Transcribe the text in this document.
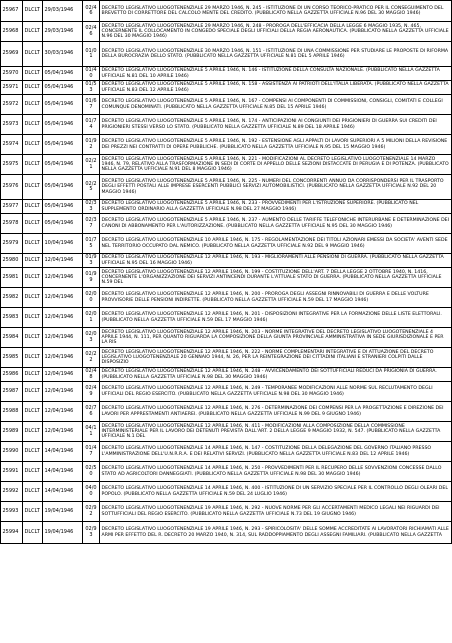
25967	DLCLT	29/03/1946	02/46	DECRETO LEGISLATIVO LUOGOTENENZIALE 29 MARZO 1946, N. 245 - ISTITUZIONE DI UN CORSO TEORICO-PRATICO PER IL CONSEGUIMENTO DEL BREVETTO DI CORRETTORE DEL CALCOLO MENTE DEL CREDITO. (PUBBLICATO NELLA GAZZETTA UFFICIALE N.96 DEL 30 MAGGIO 1946)
25968	DLCLT	29/03/1946	02/46	DECRETO LEGISLATIVO LUOGOTENENZIALE 29 MARZO 1946, N. 248 - PROROGA DELL'EFFICACIA DELLA LEGGE 6 MAGGIO 1935, N. 465, CONCERNENTE IL COLLOCAMENTO IN CONGEDO SPECIALE DEGLI UFFICIALI DELLA REGIA AERONAUTICA. (PUBBLICATO NELLA GAZZETTA UFFICIALE N.96 DEL 30 MAGGIO 1946)
25969	DLCLT	30/03/1946	01/01	DECRETO LEGISLATIVO LUOGOTENENZIALE 30 MARZO 1946, N. 151 - ISTITUZIONE DI UNA COMMISSIONE PER STUDIARE LE PROPOSTE DI RIFORMA DELLA BUROCRAZIA DELLO STATO. (PUBBLICATO NELLA GAZZETTA UFFICIALE N.81 DEL 5 APRILE 1946)
25970	DLCLT	05/04/1946	01/40	DECRETO LEGISLATIVO LUOGOTENENZIALE 5 APRILE 1946, N. 146 - ISTITUZIONE DELLA CONSULTA NAZIONALE. (PUBBLICATO NELLA GAZZETTA UFFICIALE N.81 DEL 10 APRILE 1946)
25971	DLCLT	05/04/1946	01/53	DECRETO LEGISLATIVO LUOGOTENENZIALE 5 APRILE 1946, N. 158 - ASSISTENZA AI PATRIOTI DELL'ITALIA LIBERATA. (PUBBLICATO NELLA GAZZETTA UFFICIALE N.83 DEL 12 APRILE 1946)
25972	DLCLT	05/04/1946	01/67	DECRETO LEGISLATIVO LUOGOTENENZIALE 5 APRILE 1946, N. 167 - COMPENSI AI COMPONENTI DI COMMISSIONI, CONSIGLI, COMITATI E COLLEGI COMUNQUE DENOMINATI. (PUBBLICATO NELLA GAZZETTA UFFICIALE N.85 DEL 15 APRILE 1946)
25973	DLCLT	05/04/1946	01/74	DECRETO LEGISLATIVO LUOGOTENENZIALE 5 APRILE 1946, N. 174 - ANTICIPAZIONI AI CONGIUNTI DEI PRIGIONIERI DI GUERRA SUI CREDITI DEI PRIGIONIERI STESSI VERSO LO STATO. (PUBBLICATO NELLA GAZZETTA UFFICIALE N.89 DEL 18 APRILE 1946)
25974	DLCLT	05/04/1946	01/92	DECRETO LEGISLATIVO LUOGOTENENZIALE 5 APRILE 1946, N. 192 - ESTENSIONE AGLI APPALTI DI LAVORI SUPERIORI A 5 MILIONI DELLA REVISIONE DEI PREZZI NEI CONTRATTI DI OPERE PUBBLICHE. (PUBBLICATO NELLA GAZZETTA UFFICIALE N.95 DEL 15 MAGGIO 1946)
25975	DLCLT	05/04/1946	02/21	DECRETO LEGISLATIVO LUOGOTENENZIALE 5 APRILE 1946, N. 221 - MODIFICAZIONI AL DECRETO LEGISLATIVO LUOGOTENENZIALE 14 MARZO 1946, N. 79, RELATIVO ALLA TRASFORMAZIONE IN SEDI DI CORTE DI APPELLO DELLE SEZIONI DISTACCATE DI PERUGIA E DI POTENZA. (PUBBLICATO NELLA GAZZETTA UFFICIALE N.91 DEL 8 MAGGIO 1946)
25976	DLCLT	05/04/1946	02/25	DECRETO LEGISLATIVO LUOGOTENENZIALE 5 APRILE 1946, N. 225 - NUMERI DEL CONCORRENTI ANNUO DA CORRISPONDERSI PER IL TRASPORTO DEGLI EFFETTI POSTALI ALLE IMPRESE ESERCENTI PUBBLICI SERVIZI AUTOMOBILISTICI. (PUBBLICATO NELLA GAZZETTA UFFICIALE N.92 DEL 20 MAGGIO 1946)
25977	DLCLT	05/04/1946	02/33	DECRETO LEGISLATIVO LUOGOTENENZIALE 5 APRILE 1946, N. 233 - PROVVEDIMENTI PER L'ISTRUZIONE SUPERIORE. (PUBBLICATO NEL SUPPLEMENTO ORDINARIO ALLA GAZZETTA UFFICIALE N.98 DEL 27 MAGGIO 1946)
25978	DLCLT	05/04/1946	02/37	DECRETO LEGISLATIVO LUOGOTENENZIALE 5 APRILE 1946, N. 237 - AUMENTO DELLE TARIFFE TELEFONICHE INTERURBANE E DETERMINAZIONE DEI CANONI DI ABBONAMENTO PER L'AUTORIZZAZIONE. (PUBBLICATO NELLA GAZZETTA UFFICIALE N.95 DEL 30 MAGGIO 1946)
25979	DLCLT	10/04/1946	01/75	DECRETO LEGISLATIVO LUOGOTENENZIALE 10 APRILE 1946, N. 175 - REGOLAMENTAZIONE DEI TITOLI AZIONARI EMESSI DA SOCIETA' AVENTI SEDE NEL TERRITORIO OCCUPATO DAL NEMICO. (PUBBLICATO NELLA GAZZETTA UFFICIALE N.92 DEL 9 MAGGIO 1946)
25980	DLCLT	12/04/1946	01/93	DECRETO LEGISLATIVO LUOGOTENENZIALE 12 APRILE 1946, N. 193 - MIGLIORAMENTI ALLE PENSIONI DI GUERRA. (PUBBLICATO NELLA GAZZETTA UFFICIALE N.95 DEL 16 MAGGIO 1946)
25981	DLCLT	12/04/1946	01/99	DECRETO LEGISLATIVO LUOGOTENENZIALE 12 APRILE 1946, N. 199 - COSTITUZIONE DELL'ART. 7 DELLA LEGGE 2 OTTOBRE 1940, N. 1416, CONCERNENTE L'ORGANIZZAZIONE DEI SERVIZI ANTINCENDI DURANTE L'ATTUALE STATO DI GUERRA. (PUBBLICATO NELLA GAZZETTA UFFICIALE N.59 DEL
25982	DLCLT	12/04/1946	02/00	DECRETO LEGISLATIVO LUOGOTENENZIALE 12 APRILE 1946, N. 200 - PROROGA DEGLI ASSEGNI RINNOVABILI DI GUERRA E DELLE VOLTURE PROVVISORIE DELLE PENSIONI INDIRETTE. (PUBBLICATO NELLA GAZZETTA UFFICIALE N.59 DEL 17 MAGGIO 1946)
25983	DLCLT	12/04/1946	02/01	DECRETO LEGISLATIVO LUOGOTENENZIALE 12 APRILE 1946, N. 201 - DISPOSIZIONI INTEGRATIVE PER LA FORMAZIONE DELLE LISTE ELETTORALI. (PUBBLICATO NELLA GAZZETTA UFFICIALE N.59 DEL 17 MAGGIO 1946)
25984	DLCLT	12/04/1946	02/03	DECRETO LEGISLATIVO LUOGOTENENZIALE 12 APRILE 1946, N. 203 - NORME INTEGRATIVE DEL DECRETO LEGISLATIVO LUOGOTENENZIALE 4 APRILE 1944, N. 111, PER QUANTO RIGUARDA LA COMPOSIZIONE DELLA GIUNTA PROVINCIALE AMMINISTRATIVA IN SEDE GIURISDIZIONALE E PER LA RIS
25985	DLCLT	12/04/1946	02/22	DECRETO LEGISLATIVO LUOGOTENENZIALE 12 APRILE 1946, N. 222 - NORME COMPLEMENTARI INTEGRATIVE E DI ATTUAZIONE DEL DECRETO LEGISLATIVO LUOGOTENENZIALE 20 GENNAIO 1944, N. 26, PER LA REINTEGRAZIONE DEI CITTADINI ITALIANI E STRANIERI COLPITI DALLE DISPOSIZIO
25986	DLCLT	12/04/1946	02/48	DECRETO LEGISLATIVO LUOGOTENENZIALE 12 APRILE 1946, N. 248 - AVVICENDAMENTO DEI SOTTUFFICIALI REDUCI DA PRIGIONIA DI GUERRA. (PUBBLICATO NELLA GAZZETTA UFFICIALE N.98 DEL 30 MAGGIO 1946)
25987	DLCLT	12/04/1946	02/49	DECRETO LEGISLATIVO LUOGOTENENZIALE 12 APRILE 1946, N. 249 - TEMPORANEE MODIFICAZIONI ALLE NORME SUL RECLUTAMENTO DEGLI UFFICIALI DEL REGIO ESERCITO. (PUBBLICATO NELLA GAZZETTA UFFICIALE N.98 DEL 30 MAGGIO 1946)
25988	DLCLT	12/04/1946	02/76	DECRETO LEGISLATIVO LUOGOTENENZIALE 12 APRILE 1946, N. 276 - DETERMINAZIONE DEI COMPENSI PER LA PROGETTAZIONE E DIREZIONE DEI LAVORI PER APPRESTAMENTI ANTIAEREI. (PUBBLICATO NELLA GAZZETTA UFFICIALE N.99 DEL 9 GIUGNO 1946)
25989	DLCLT	12/04/1946	04/11	DECRETO LEGISLATIVO LUOGOTENENZIALE 12 APRILE 1946, N. 411 - MODIFICAZIONI ALLA COMPOSIZIONE DELLA COMMISSIONE INTERMINISTERIALE PER IL LAVORO DEI DETENUTI PREVISTA DALL'ART. 2 DELLA LEGGE 9 MAGGIO 1932, N. 547. (PUBBLICATO NELLA GAZZETTA UFFICIALE N.1 DEL
25990	DLCLT	14/04/1946	01/47	DECRETO LEGISLATIVO LUOGOTENENZIALE 14 APRILE 1946, N. 147 - COSTITUZIONE DELLA DELEGAZIONE DEL GOVERNO ITALIANO PRESSO L'AMMINISTRAZIONE DELL'U.N.R.R.A. E DEI RELATIVI SERVIZI. (PUBBLICATO NELLA GAZZETTA UFFICIALE N.83 DEL 12 APRILE 1946)
25991	DLCLT	14/04/1946	02/50	DECRETO LEGISLATIVO LUOGOTENENZIALE 14 APRILE 1946, N. 250 - PROVVEDIMENTI PER IL RECUPERO DELLE SOVVENZIONI CONCESSE DALLO STATO AD AGRICOLTORI DANNEGGIATI. (PUBBLICATO NELLA GAZZETTA UFFICIALE N.98 DEL 30 MAGGIO 1946)
25992	DLCLT	14/04/1946	04/00	DECRETO LEGISLATIVO LUOGOTENENZIALE 14 APRILE 1946, N. 400 - ISTITUZIONE DI UN SERVIZIO SPECIALE PER IL CONTROLLO DEGLI OLEARI DEL POPOLO. (PUBBLICATO NELLA GAZZETTA UFFICIALE N.59 DEL 24 LUGLIO 1946)
25993	DLCLT	19/04/1946	02/92	DECRETO LEGISLATIVO LUOGOTENENZIALE 19 APRILE 1946, N. 292 - NUOVE NORME PER GLI ACCERTAMENTI MEDICO LEGALI NEI RIGUARDI DEI SOTTUFFICIALI DEL REGIO ESERCITO. (PUBBLICATO NELLA GAZZETTA UFFICIALE N.73 DEL 19 GIUGNO 1946)
25994	DLCLT	19/04/1946	02/93	DECRETO LEGISLATIVO LUOGOTENENZIALE 19 APRILE 1946, N. 293 - SPIRICOLOSITA' DELLE SOMME ACCREDITATE AI LAVORATORI RICHIAMATI ALLE ARMI PER EFFETTO DEL R. DECRETO 20 MARZO 1940, N. 314, SUL RADDOPPIAMENTO DEGLI ASSEGNI FAMILIARI. (PUBBLICATO NELLA GAZZETTA
